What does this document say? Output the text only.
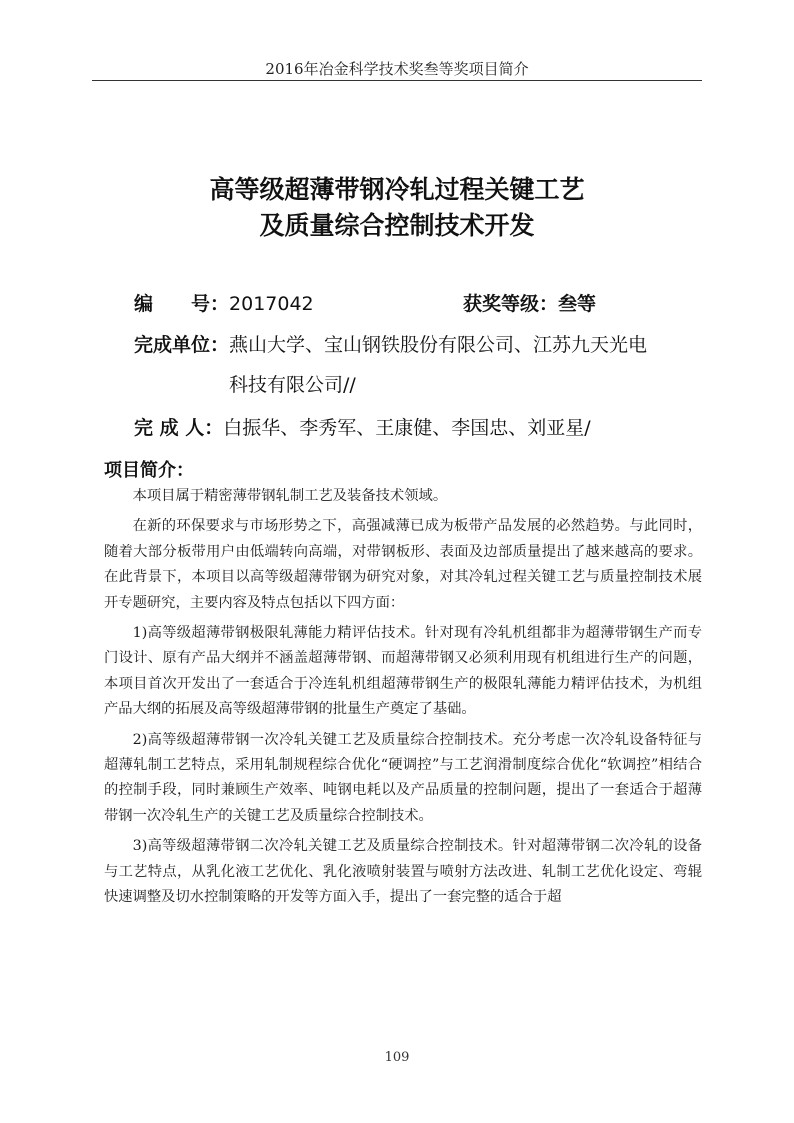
2016年冶金科学技术奖叁等奖项目简介
高等级超薄带钢冷轧过程关键工艺
及质量综合控制技术开发
编　　号：2017042	获奖等级：叁等
完成单位：燕山大学、宝山钢铁股份有限公司、江苏九天光电
科技有限公司//
完 成 人：白振华、李秀军、王康健、李国忠、刘亚星/
项目简介：

本项目属于精密薄带钢轧制工艺及装备技术领域。

在新的环保要求与市场形势之下，高强减薄已成为板带产品发展的必然趋势。与此同时，随着大部分板带用户由低端转向高端，对带钢板形、表面及边部质量提出了越来越高的要求。在此背景下，本项目以高等级超薄带钢为研究对象，对其冷轧过程关键工艺与质量控制技术展开专题研究，主要内容及特点包括以下四方面：

1)高等级超薄带钢极限轧薄能力精评估技术。针对现有冷轧机组都非为超薄带钢生产而专门设计、原有产品大纲并不涵盖超薄带钢、而超薄带钢又必须利用现有机组进行生产的问题，本项目首次开发出了一套适合于冷连轧机组超薄带钢生产的极限轧薄能力精评估技术，为机组产品大纲的拓展及高等级超薄带钢的批量生产奠定了基础。

2)高等级超薄带钢一次冷轧关键工艺及质量综合控制技术。充分考虑一次冷轧设备特征与超薄轧制工艺特点，采用轧制规程综合优化“硬调控”与工艺润滑制度综合优化“软调控”相结合的控制手段，同时兼顾生产效率、吨钢电耗以及产品质量的控制问题，提出了一套适合于超薄带钢一次冷轧生产的关键工艺及质量综合控制技术。

3)高等级超薄带钢二次冷轧关键工艺及质量综合控制技术。针对超薄带钢二次冷轧的设备与工艺特点，从乳化液工艺优化、乳化液喷射装置与喷射方法改进、轧制工艺优化设定、弯辊快速调整及切水控制策略的开发等方面入手，提出了一套完整的适合于超

109
